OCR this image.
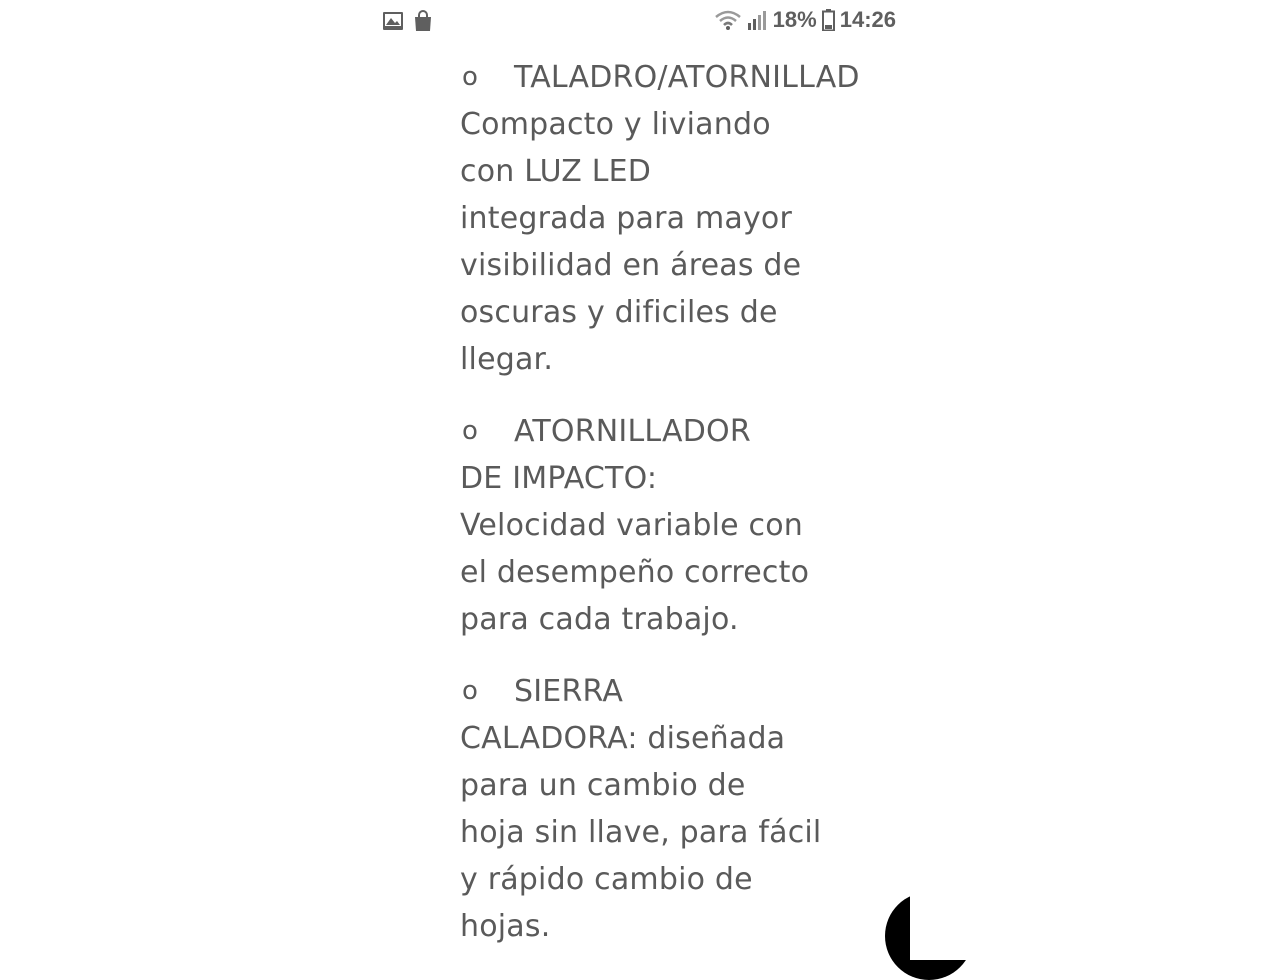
18% 14:26
o TALADRO/ATORNILLAD
Compacto y liviando
con LUZ LED
integrada para mayor
visibilidad en áreas de
oscuras y dificiles de
llegar.
o ATORNILLADOR
DE IMPACTO:
Velocidad variable con
el desempeño correcto
para cada trabajo.
o SIERRA
CALADORA: diseñada
para un cambio de
hoja sin llave, para fácil
y rápido cambio de
hojas.
